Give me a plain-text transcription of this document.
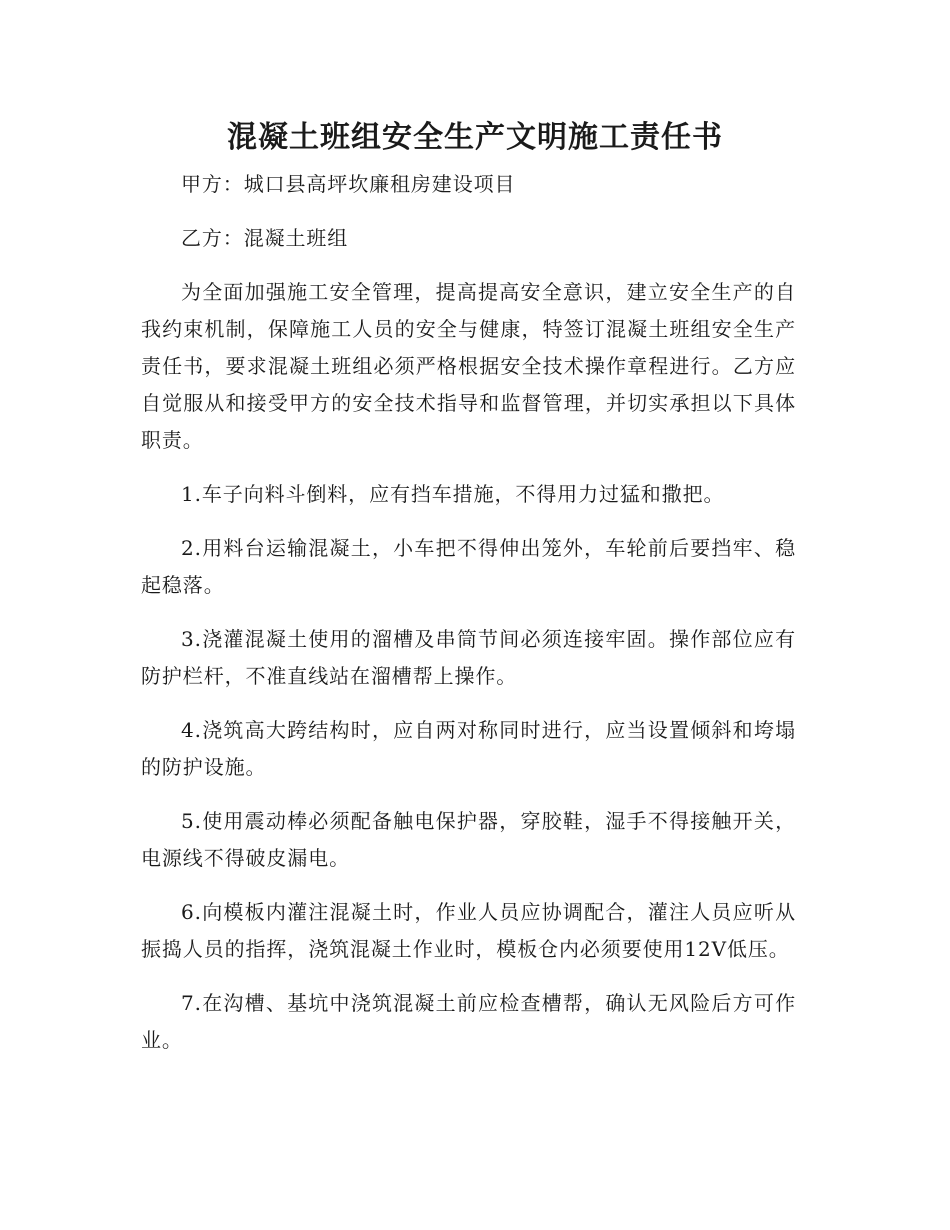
混凝土班组安全生产文明施工责任书

甲方：城口县高坪坎廉租房建设项目

乙方：混凝土班组

为全面加强施工安全管理，提高提高安全意识，建立安全生产的自我约束机制，保障施工人员的安全与健康，特签订混凝土班组安全生产责任书，要求混凝土班组必须严格根据安全技术操作章程进行。乙方应自觉服从和接受甲方的安全技术指导和监督管理，并切实承担以下具体职责。

1.车子向料斗倒料，应有挡车措施，不得用力过猛和撒把。

2.用料台运输混凝土，小车把不得伸出笼外，车轮前后要挡牢、稳起稳落。

3.浇灌混凝土使用的溜槽及串筒节间必须连接牢固。操作部位应有防护栏杆，不准直线站在溜槽帮上操作。

4.浇筑高大跨结构时，应自两对称同时进行，应当设置倾斜和垮塌的防护设施。

5.使用震动棒必须配备触电保护器，穿胶鞋，湿手不得接触开关，电源线不得破皮漏电。

6.向模板内灌注混凝土时，作业人员应协调配合，灌注人员应听从振捣人员的指挥，浇筑混凝土作业时，模板仓内必须要使用12V低压。

7.在沟槽、基坑中浇筑混凝土前应检查槽帮，确认无风险后方可作业。
